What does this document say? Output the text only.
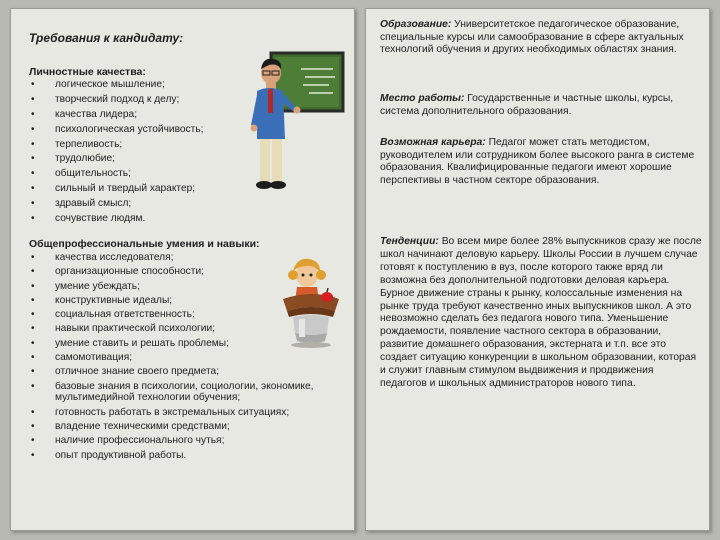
Требования к кандидату:
Личностные качества:
• логическое мышление;
• творческий подход к делу;
• качества лидера;
• психологическая устойчивость;
• терпеливость;
• трудолюбие;
• общительность;
• сильный и твердый характер;
• здравый смысл;
• сочувствие людям.
Общепрофессиональные умения и навыки:
• качества исследователя;
• организационные способности;
• умение убеждать;
• конструктивные идеалы;
• социальная ответственность;
• навыки практической психологии;
• умение ставить и решать проблемы;
• самомотивация;
• отличное знание своего предмета;
• базовые знания в психологии, социологии, экономике, мультимедийной технологии обучения;
• готовность работать в экстремальных ситуациях;
• владение техническими средствами;
• наличие профессионального чутья;
• опыт продуктивной работы.
Образование: Университетское педагогическое образование, специальные курсы или самообразование в сфере актуальных технологий обучения и других необходимых областях знания.
Место работы: Государственные и частные школы, курсы, система дополнительного образования.
Возможная карьера: Педагог может стать методистом, руководителем или сотрудником более высокого ранга в системе образования. Квалифицированные педагоги имеют хорошие перспективы в частном секторе образования.
Тенденции: Во всем мире более 28% выпускников сразу же после школ начинают деловую карьеру. Школы России в лучшем случае готовят к поступлению в вуз, после которого также вряд ли возможна без дополнительной подготовки деловая карьера. Бурное движение страны к рынку, колоссальные изменения на рынке труда требуют качественно иных выпускников школ. А это невозможно сделать без педагога нового типа. Уменьшение рождаемости, появление частного сектора в образовании, развитие домашнего образования, экстерната и т.п. все это создает ситуацию конкуренции в школьном образовании, которая и служит главным стимулом выдвижения и продвижения педагогов и школьных администраторов нового типа.
